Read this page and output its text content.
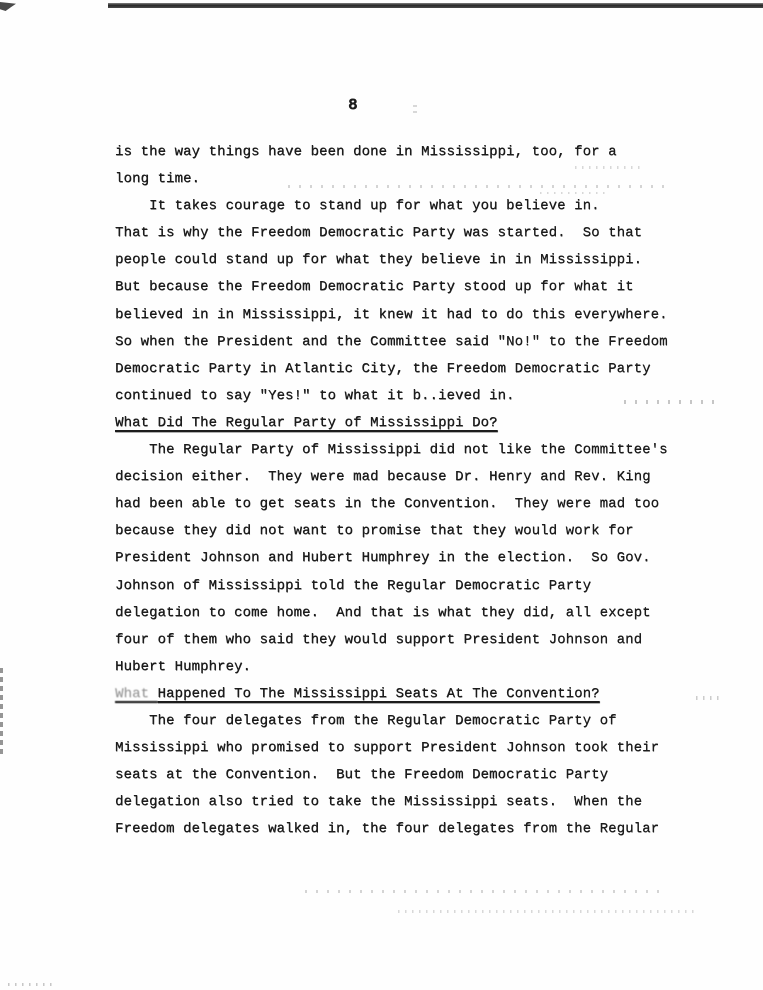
8
is the way things have been done in Mississippi, too, for a
long time.
It takes courage to stand up for what you believe in.
That is why the Freedom Democratic Party was started.  So that
people could stand up for what they believe in in Mississippi.
But because the Freedom Democratic Party stood up for what it
believed in in Mississippi, it knew it had to do this everywhere.
So when the President and the Committee said "No!" to the Freedom
Democratic Party in Atlantic City, the Freedom Democratic Party
continued to say "Yes!" to what it b..ieved in.
What Did The Regular Party of Mississippi Do?
The Regular Party of Mississippi did not like the Committee's
decision either.  They were mad because Dr. Henry and Rev. King
had been able to get seats in the Convention.  They were mad too
because they did not want to promise that they would work for
President Johnson and Hubert Humphrey in the election.  So Gov.
Johnson of Mississippi told the Regular Democratic Party
delegation to come home.  And that is what they did, all except
four of them who said they would support President Johnson and
Hubert Humphrey.
What Happened To The Mississippi Seats At The Convention?
The four delegates from the Regular Democratic Party of
Mississippi who promised to support President Johnson took their
seats at the Convention.  But the Freedom Democratic Party
delegation also tried to take the Mississippi seats.  When the
Freedom delegates walked in, the four delegates from the Regular
